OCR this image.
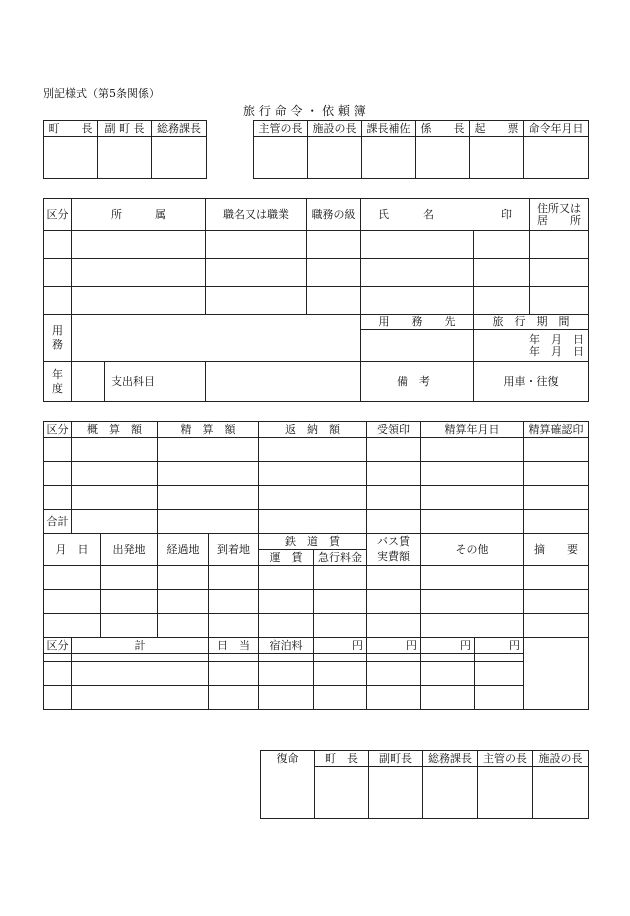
別記様式（第5条関係）
旅 行 命 令 ・ 依 頼 簿
町　　長	副 町 長	総務課長
			主管の長	施設の長	課長補佐	係　　長	起　　票	命令年月日

区分	所　　　属		職名又は職業	職務の級	氏　　名 印		住所又は
居　　所

用務					用　　務　　先	旅　行　期　間	

						年　月　日
年　月　日	

年度		支出科目			備　考	用車・往復	
区分	概　算　額		精　算　額		返　納　額		受領印	精算年月日		精算確認印

合計										
月　日		出発地	経過地	到着地	鉄　道　賃		バス賃	その他		摘　　要
					運　賃	急行料金	実費額			

区分	計			日　当	宿泊料	円	円	円	円	

復命	町　長	副町長	総務課長	主管の長	施設の長
